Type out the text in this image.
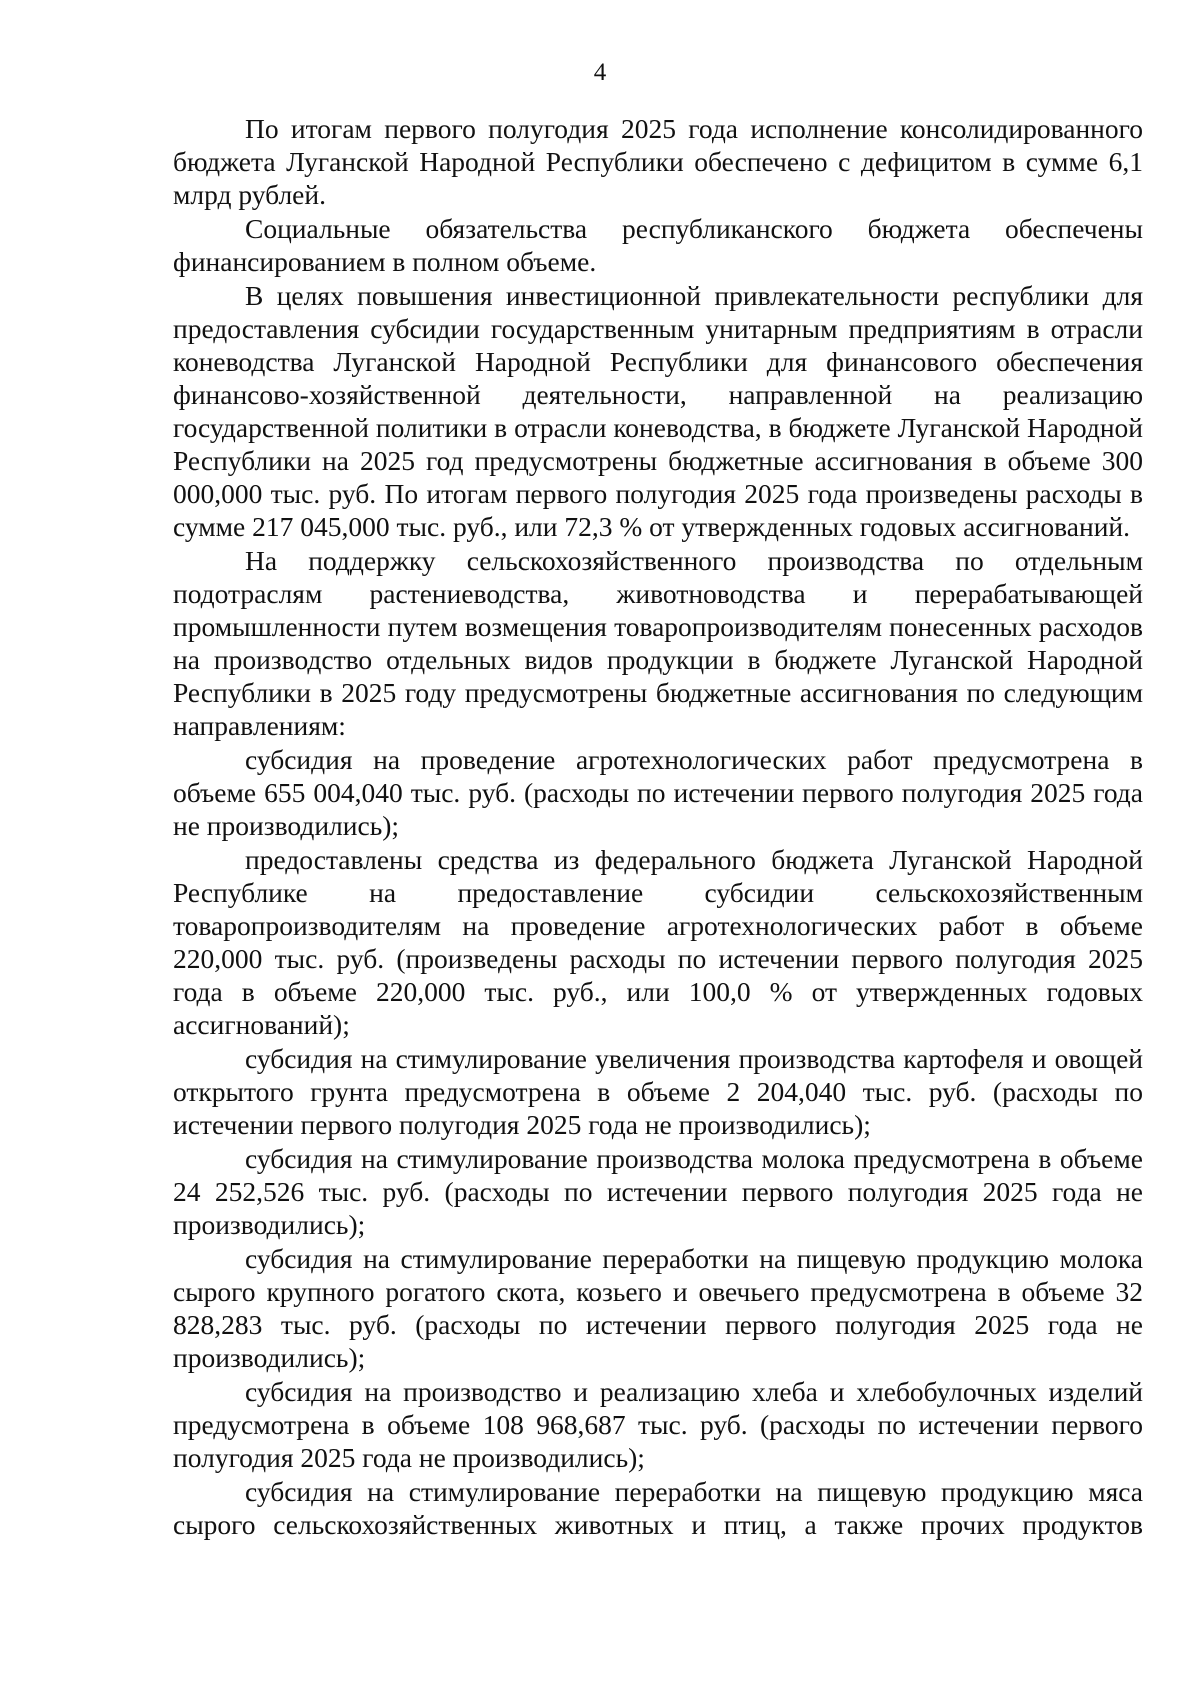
4

По итогам первого полугодия 2025 года исполнение консолидированного бюджета Луганской Народной Республики обеспечено с дефицитом в сумме 6,1 млрд рублей.

Социальные обязательства республиканского бюджета обеспечены финансированием в полном объеме.

В целях повышения инвестиционной привлекательности республики для предоставления субсидии государственным унитарным предприятиям в отрасли коневодства Луганской Народной Республики для финансового обеспечения финансово-хозяйственной деятельности, направленной на реализацию государственной политики в отрасли коневодства, в бюджете Луганской Народной Республики на 2025 год предусмотрены бюджетные ассигнования в объеме 300 000,000 тыс. руб. По итогам первого полугодия 2025 года произведены расходы в сумме 217 045,000 тыс. руб., или 72,3 % от утвержденных годовых ассигнований.

На поддержку сельскохозяйственного производства по отдельным подотраслям растениеводства, животноводства и перерабатывающей промышленности путем возмещения товаропроизводителям понесенных расходов на производство отдельных видов продукции в бюджете Луганской Народной Республики в 2025 году предусмотрены бюджетные ассигнования по следующим направлениям:

субсидия на проведение агротехнологических работ предусмотрена в объеме 655 004,040 тыс. руб. (расходы по истечении первого полугодия 2025 года не производились);

предоставлены средства из федерального бюджета Луганской Народной Республике на предоставление субсидии сельскохозяйственным товаропроизводителям на проведение агротехнологических работ в объеме 220,000 тыс. руб. (произведены расходы по истечении первого полугодия 2025 года в объеме 220,000 тыс. руб., или 100,0 % от утвержденных годовых ассигнований);

субсидия на стимулирование увеличения производства картофеля и овощей открытого грунта предусмотрена в объеме 2 204,040 тыс. руб. (расходы по истечении первого полугодия 2025 года не производились);

субсидия на стимулирование производства молока предусмотрена в объеме 24 252,526 тыс. руб. (расходы по истечении первого полугодия 2025 года не производились);

субсидия на стимулирование переработки на пищевую продукцию молока сырого крупного рогатого скота, козьего и овечьего предусмотрена в объеме 32 828,283 тыс. руб. (расходы по истечении первого полугодия 2025 года не производились);

субсидия на производство и реализацию хлеба и хлебобулочных изделий предусмотрена в объеме 108 968,687 тыс. руб. (расходы по истечении первого полугодия 2025 года не производились);

субсидия на стимулирование переработки на пищевую продукцию мяса сырого сельскохозяйственных животных и птиц, а также прочих продуктов
